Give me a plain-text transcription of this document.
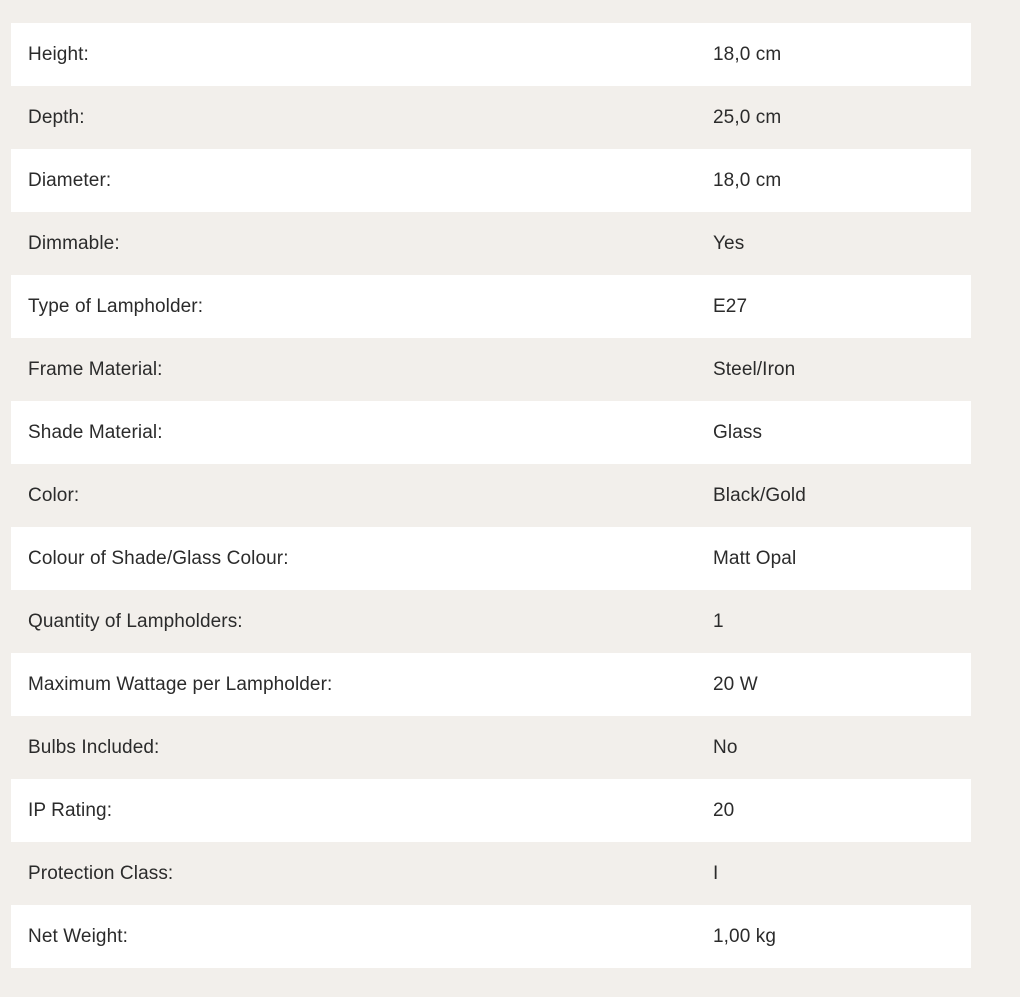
Height:	18,0 cm
Depth:	25,0 cm
Diameter:	18,0 cm
Dimmable:	Yes
Type of Lampholder:	E27
Frame Material:	Steel/Iron
Shade Material:	Glass
Color:	Black/Gold
Colour of Shade/Glass Colour:	Matt Opal
Quantity of Lampholders:	1
Maximum Wattage per Lampholder:	20 W
Bulbs Included:	No
IP Rating:	20
Protection Class:	I
Net Weight:	1,00 kg
